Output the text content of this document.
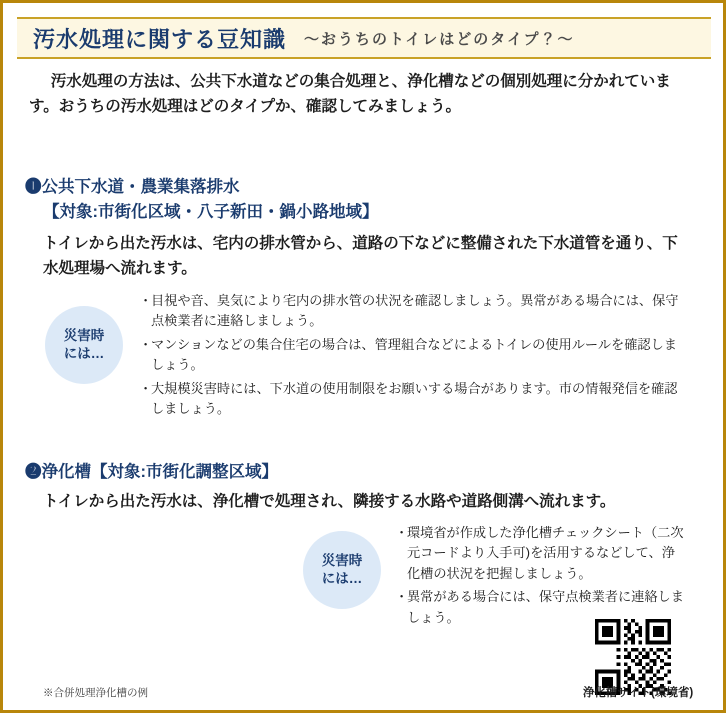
汚水処理に関する豆知識 ～おうちのトイレはどのタイプ？～
汚水処理の方法は、公共下水道などの集合処理と、浄化槽などの個別処理に分かれています。おうちの汚水処理はどのタイプか、確認してみましょう。
❶公共下水道・農業集落排水
【対象:市街化区域・八子新田・鍋小路地域】
トイレから出た汚水は、宅内の排水管から、道路の下などに整備された下水道管を通り、下水処理場へ流れます。
災害時
には…
・
目視や音、臭気により宅内の排水管の状況を確認しましょう。異常がある場合には、保守点検業者に連絡しましょう。
・
マンションなどの集合住宅の場合は、管理組合などによるトイレの使用ルールを確認しましょう。
・
大規模災害時には、下水道の使用制限をお願いする場合があります。市の情報発信を確認しましょう。
❷浄化槽【対象:市街化調整区域】
トイレから出た汚水は、浄化槽で処理され、隣接する水路や道路側溝へ流れます。
災害時
には…
・
環境省が作成した浄化槽チェックシート（二次元コードより入手可)を活用するなどして、浄化槽の状況を把握しましょう。
・
異常がある場合には、保守点検業者に連絡しましょう。
※合併処理浄化槽の例	浄化槽サイト(環境省)
